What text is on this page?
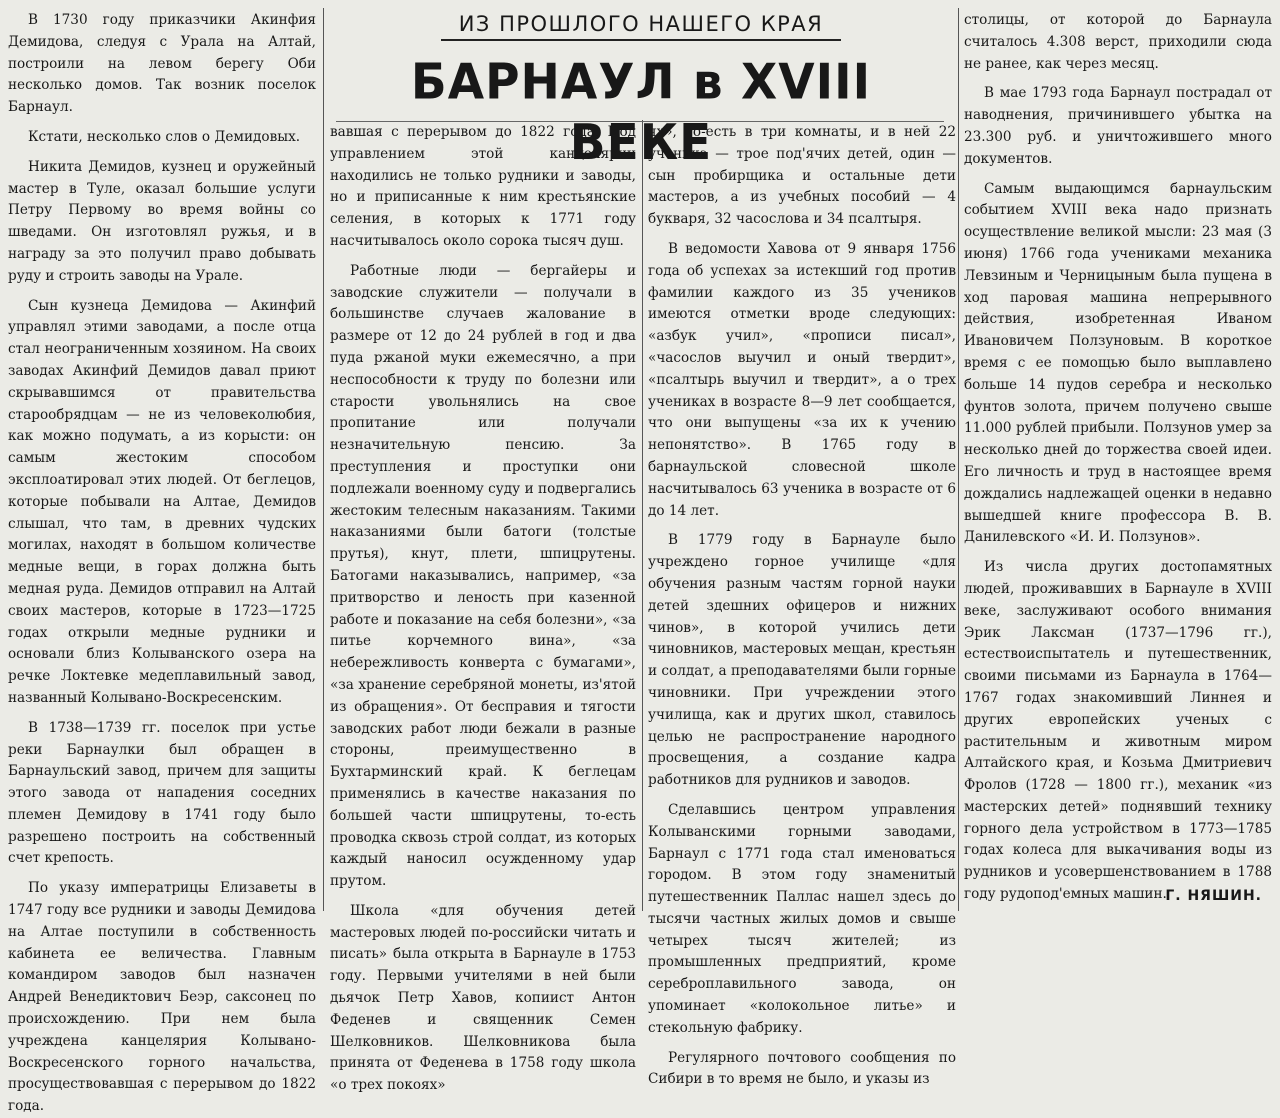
ИЗ ПРОШЛОГО НАШЕГО КРАЯ
БАРНАУЛ в XVIII ВЕКЕ

В 1730 году приказчики Акинфия Демидова, следуя с Урала на Алтай, построили на левом берегу Оби несколько домов. Так возник поселок Барнаул.

Кстати, несколько слов о Демидовых.

Никита Демидов, кузнец и оружейный мастер в Туле, оказал большие услуги Петру Первому во время войны со шведами. Он изготовлял ружья, и в награду за это получил право добывать руду и строить заводы на Урале.

Сын кузнеца Демидова — Акинфий управлял этими заводами, а после отца стал неограниченным хозяином. На своих заводах Акинфий Демидов давал приют скрывавшимся от правительства старообрядцам — не из человеколюбия, как можно подумать, а из корысти: он самым жестоким способом эксплоатировал этих людей. От беглецов, которые побывали на Алтае, Демидов слышал, что там, в древних чудских могилах, находят в большом количестве медные вещи, в горах должна быть медная руда. Демидов отправил на Алтай своих мастеров, которые в 1723—1725 годах открыли медные рудники и основали близ Колыванского озера на речке Локтевке медеплавильный завод, названный Колывано-Воскресенским.

В 1738—1739 гг. поселок при устье реки Барнаулки был обращен в Барнаульский завод, причем для защиты этого завода от нападения соседних племен Демидову в 1741 году было разрешено построить на собственный счет крепость.

По указу императрицы Елизаветы в 1747 году все рудники и заводы Демидова на Алтае поступили в собственность кабинета ее величества. Главным командиром заводов был назначен Андрей Венедиктович Беэр, саксонец по происхождению. При нем была учреждена канцелярия Колывано-Воскресенского горного начальства, просуществовавшая с перерывом до 1822 года.

вавшая с перерывом до 1822 года. Под управлением этой канцелярии находились не только рудники и заводы, но и приписанные к ним крестьянские селения, в которых к 1771 году насчитывалось около сорока тысяч душ.

Работные люди — бергайеры и заводские служители — получали в большинстве случаев жалование в размере от 12 до 24 рублей в год и два пуда ржаной муки ежемесячно, а при неспособности к труду по болезни или старости увольнялись на свое пропитание или получали незначительную пенсию. За преступления и проступки они подлежали военному суду и подвергались жестоким телесным наказаниям. Такими наказаниями были батоги (толстые прутья), кнут, плети, шпицрутены. Батогами наказывались, например, «за притворство и леность при казенной работе и показание на себя болезни», «за питье корчемного вина», «за небережливость конверта с бумагами», «за хранение серебряной монеты, из'ятой из обращения». От бесправия и тягости заводских работ люди бежали в разные стороны, преимущественно в Бухтарминский край. К беглецам применялись в качестве наказания по большей части шпицрутены, то-есть проводка сквозь строй солдат, из которых каждый наносил осужденному удар прутом.

Школа «для обучения детей мастеровых людей по-российски читать и писать» была открыта в Барнауле в 1753 году. Первыми учителями в ней были дьячок Петр Хавов, копиист Антон Феденев и священник Семен Шелковников. Шелковникова была принята от Феденева в 1758 году школа «о трех покоях»

ях», то-есть в три комнаты, и в ней 22 ученика — трое под'ячих детей, один — сын пробирщика и остальные дети мастеров, а из учебных пособий — 4 букваря, 32 часослова и 34 псалтыря.

В ведомости Хавова от 9 января 1756 года об успехах за истекший год против фамилии каждого из 35 учеников имеются отметки вроде следующих: «азбук учил», «прописи писал», «часослов выучил и оный твердит», «псалтырь выучил и твердит», а о трех учениках в возрасте 8—9 лет сообщается, что они выпущены «за их к учению непонятство». В 1765 году в барнаульской словесной школе насчитывалось 63 ученика в возрасте от 6 до 14 лет.

В 1779 году в Барнауле было учреждено горное училище «для обучения разным частям горной науки детей здешних офицеров и нижних чинов», в которой учились дети чиновников, мастеровых мещан, крестьян и солдат, а преподавателями были горные чиновники. При учреждении этого училища, как и других школ, ставилось целью не распространение народного просвещения, а создание кадра работников для рудников и заводов.

Сделавшись центром управления Колыванскими горными заводами, Барнаул с 1771 года стал именоваться городом. В этом году знаменитый путешественник Паллас нашел здесь до тысячи частных жилых домов и свыше четырех тысяч жителей; из промышленных предприятий, кроме сереброплавильного завода, он упоминает «колокольное литье» и стекольную фабрику.

Регулярного почтового сообщения по Сибири в то время не было, и указы из

столицы, от которой до Барнаула считалось 4.308 верст, приходили сюда не ранее, как через месяц.

В мае 1793 года Барнаул пострадал от наводнения, причинившего убытка на 23.300 руб. и уничтожившего много документов.

Самым выдающимся барнаульским событием XVIII века надо признать осуществление великой мысли: 23 мая (3 июня) 1766 года учениками механика Левзиным и Черницыным была пущена в ход паровая машина непрерывного действия, изобретенная Иваном Ивановичем Ползуновым. В короткое время с ее помощью было выплавлено больше 14 пудов серебра и несколько фунтов золота, причем получено свыше 11.000 рублей прибыли. Ползунов умер за несколько дней до торжества своей идеи. Его личность и труд в настоящее время дождались надлежащей оценки в недавно вышедшей книге профессора В. В. Данилевского «И. И. Ползунов».

Из числа других достопамятных людей, проживавших в Барнауле в XVIII веке, заслуживают особого внимания Эрик Лаксман (1737—1796 гг.), естествоиспытатель и путешественник, своими письмами из Барнаула в 1764—1767 годах знакомивший Линнея и других европейских ученых с растительным и животным миром Алтайского края, и Козьма Дмитриевич Фролов (1728 — 1800 гг.), механик «из мастерских детей» поднявший технику горного дела устройством в 1773—1785 годах колеса для выкачивания воды из рудников и усовершенствованием в 1788 году рудопод'емных машин.

Г. НЯШИН.
